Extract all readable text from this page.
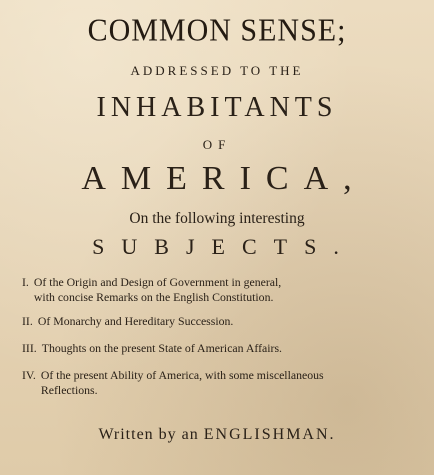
COMMON SENSE;
ADDRESSED TO THE
INHABITANTS
OF
AMERICA,
On the following interesting
SUBJECTS.
I. Of the Origin and Design of Government in general,
with concise Remarks on the English Constitution.
II. Of Monarchy and Hereditary Succession.
III. Thoughts on the present State of American Affairs.
IV. Of the present Ability of America, with some miscellaneous
Reflections.
Written by an ENGLISHMAN.
